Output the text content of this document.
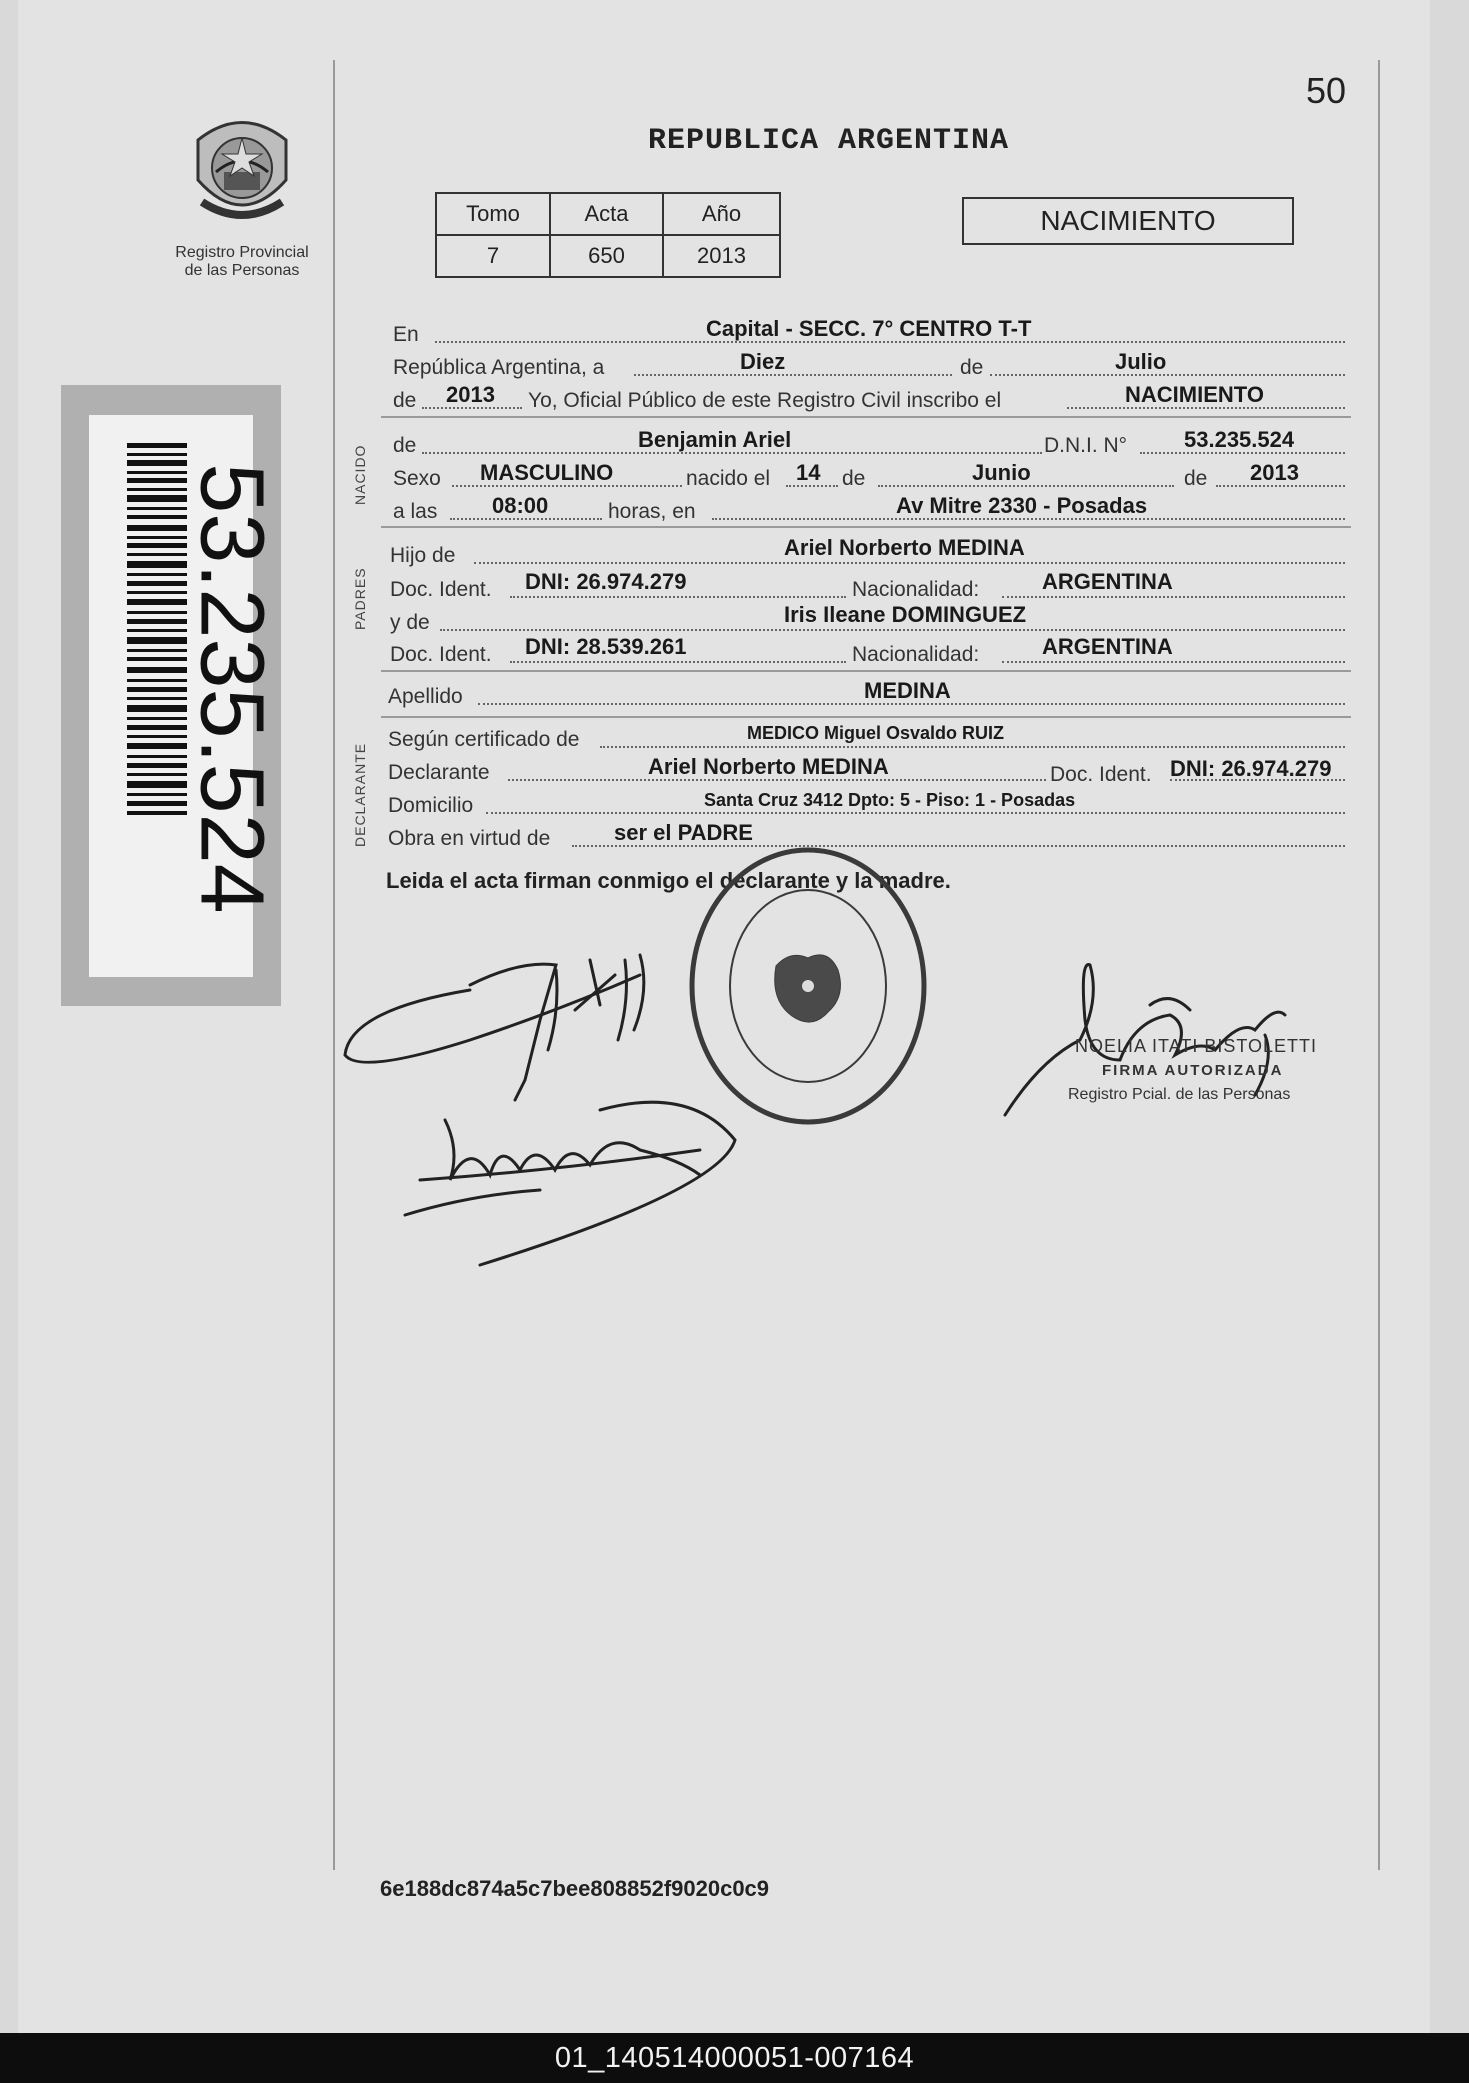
50
REPUBLICA ARGENTINA
Registro Provincial
de las Personas
Tomo	Acta	Año
7	650	2013
NACIMIENTO
53.235.524	NACIDO
PADRES
DECLARANTE
En	Capital - SECC. 7° CENTRO T-T
República Argentina, a	Diez	de	Julio
de 2013 Yo, Oficial Público de este Registro Civil inscribo el	NACIMIENTO
de	Benjamin Ariel	D.N.I. N°	53.235.524
Sexo MASCULINO	nacido el 14 de	Junio	de 2013
a las 08:00	horas, en	Av Mitre 2330 - Posadas
Hijo de	Ariel Norberto MEDINA
Doc. Ident. DNI: 26.974.279	Nacionalidad:	ARGENTINA
y de	Iris Ileane DOMINGUEZ
Doc. Ident. DNI: 28.539.261	Nacionalidad:	ARGENTINA
Apellido	MEDINA
Según certificado de	MEDICO Miguel Osvaldo RUIZ
Declarante	Ariel Norberto MEDINA	Doc. Ident. DNI: 26.974.279
Domicilio	Santa Cruz 3412 Dpto: 5 - Piso: 1 - Posadas
Obra en virtud de	ser el PADRE
Leida el acta firman conmigo el declarante y la madre.
NOELIA ITATI BISTOLETTI
FIRMA AUTORIZADA
Registro Pcial. de las Personas
6e188dc874a5c7bee808852f9020c0c9
01_140514000051-007164
